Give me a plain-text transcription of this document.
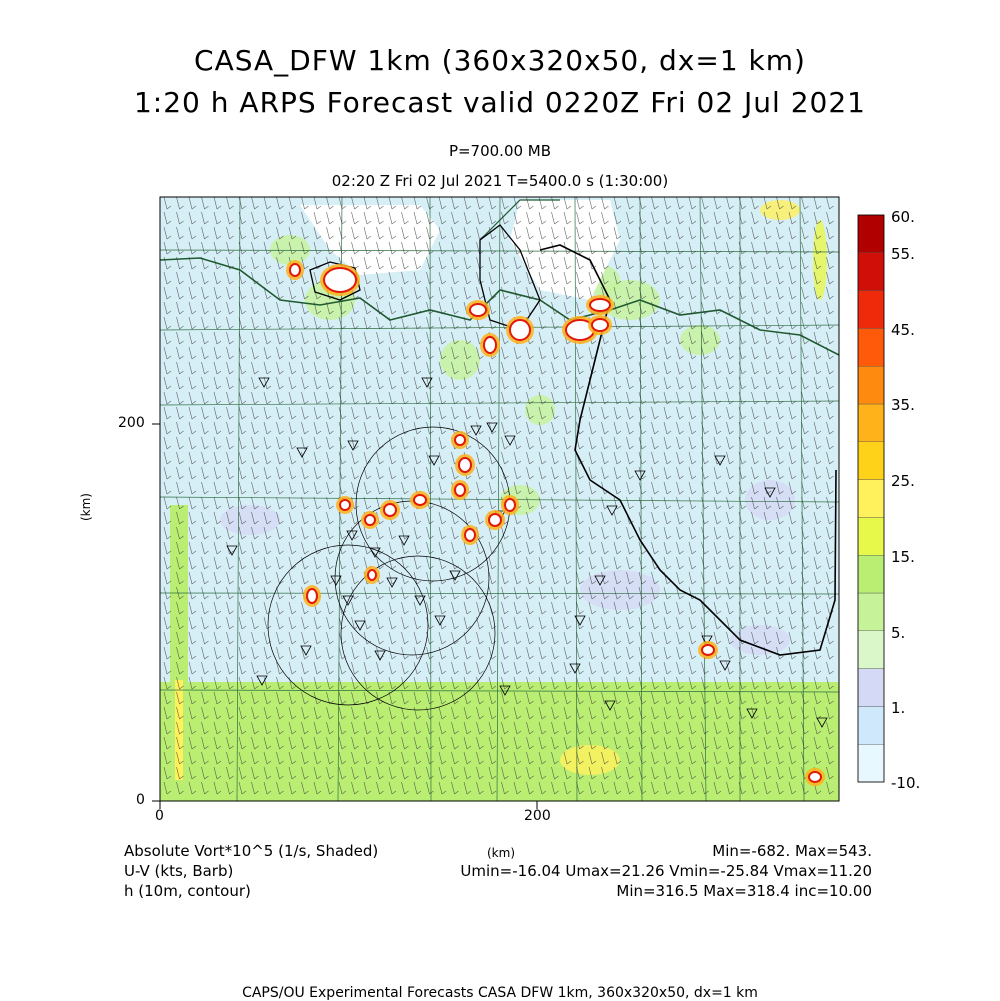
CASA_DFW 1km (360x320x50, dx=1 km)
1:20 h ARPS Forecast valid 0220Z Fri 02 Jul 2021
P=700.00 MB
02:20 Z Fri 02 Jul 2021 T=5400.0 s (1:30:00)
0
200
0	200
(km)
60.
55.
45.
35.
25.
15.
5.
1.
-10.
Absolute Vort*10^5 (1/s, Shaded)
U-V (kts, Barb)
h (10m, contour)
(km)	Min=-682. Max=543.
Umin=-16.04 Umax=21.26 Vmin=-25.84 Vmax=11.20
Min=316.5 Max=318.4 inc=10.00
CAPS/OU Experimental Forecasts CASA DFW 1km, 360x320x50, dx=1 km
